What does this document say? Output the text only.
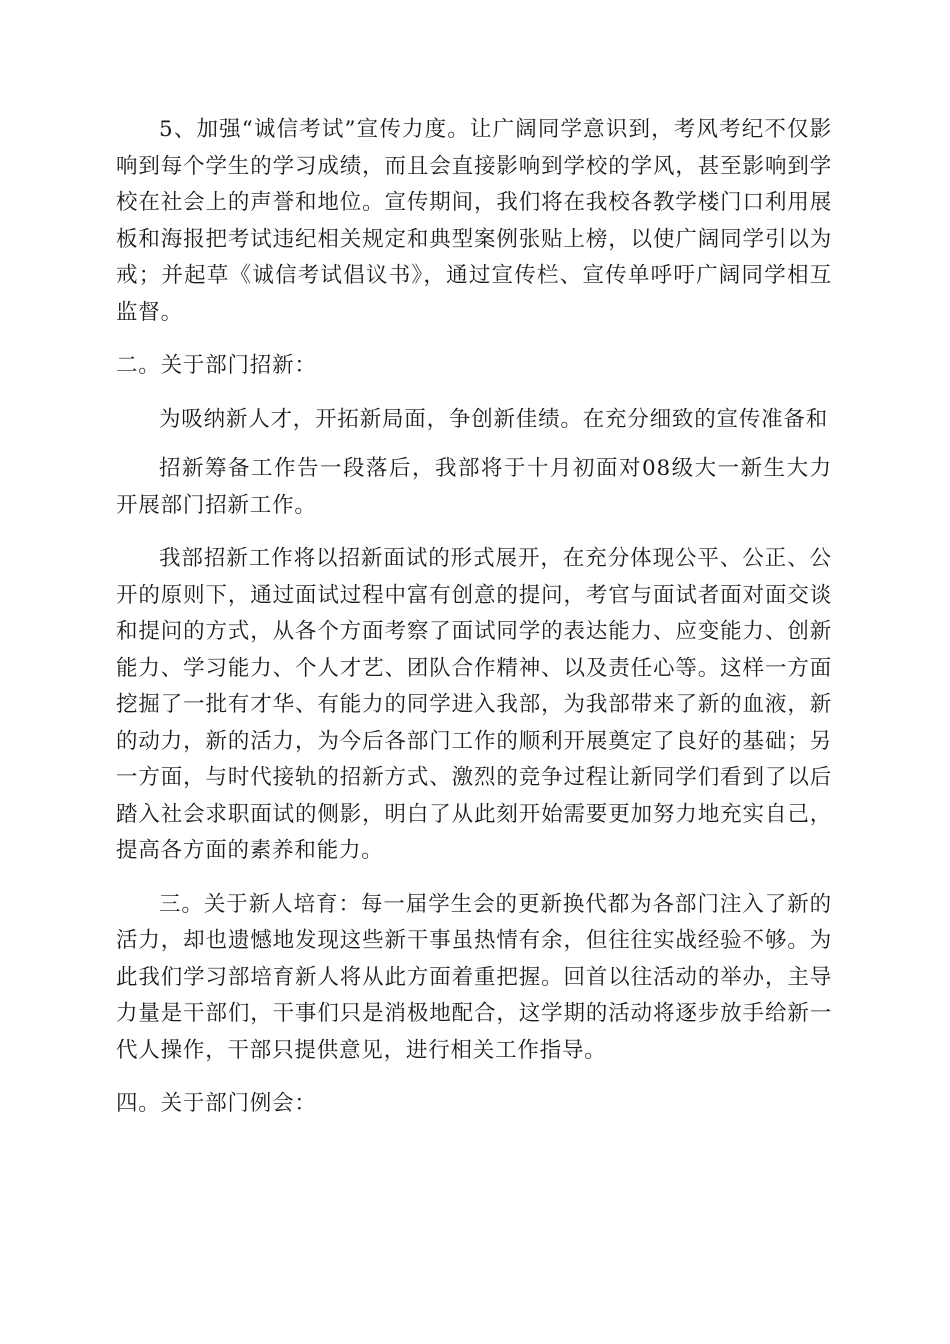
5、加强“诚信考试”宣传力度。让广阔同学意识到，考风考纪不仅影响到每个学生的学习成绩，而且会直接影响到学校的学风，甚至影响到学校在社会上的声誉和地位。宣传期间，我们将在我校各教学楼门口利用展板和海报把考试违纪相关规定和典型案例张贴上榜，以使广阔同学引以为戒；并起草《诚信考试倡议书》，通过宣传栏、宣传单呼吁广阔同学相互监督。

二。关于部门招新：

为吸纳新人才，开拓新局面，争创新佳绩。在充分细致的宣传准备和

招新筹备工作告一段落后，我部将于十月初面对08级大一新生大力开展部门招新工作。

我部招新工作将以招新面试的形式展开，在充分体现公平、公正、公开的原则下，通过面试过程中富有创意的提问，考官与面试者面对面交谈和提问的方式，从各个方面考察了面试同学的表达能力、应变能力、创新能力、学习能力、个人才艺、团队合作精神、以及责任心等。这样一方面挖掘了一批有才华、有能力的同学进入我部，为我部带来了新的血液，新的动力，新的活力，为今后各部门工作的顺利开展奠定了良好的基础；另一方面，与时代接轨的招新方式、激烈的竞争过程让新同学们看到了以后踏入社会求职面试的侧影，明白了从此刻开始需要更加努力地充实自己，提高各方面的素养和能力。

三。关于新人培育：每一届学生会的更新换代都为各部门注入了新的活力，却也遗憾地发现这些新干事虽热情有余，但往往实战经验不够。为此我们学习部培育新人将从此方面着重把握。回首以往活动的举办，主导力量是干部们，干事们只是消极地配合，这学期的活动将逐步放手给新一代人操作，干部只提供意见，进行相关工作指导。

四。关于部门例会：
